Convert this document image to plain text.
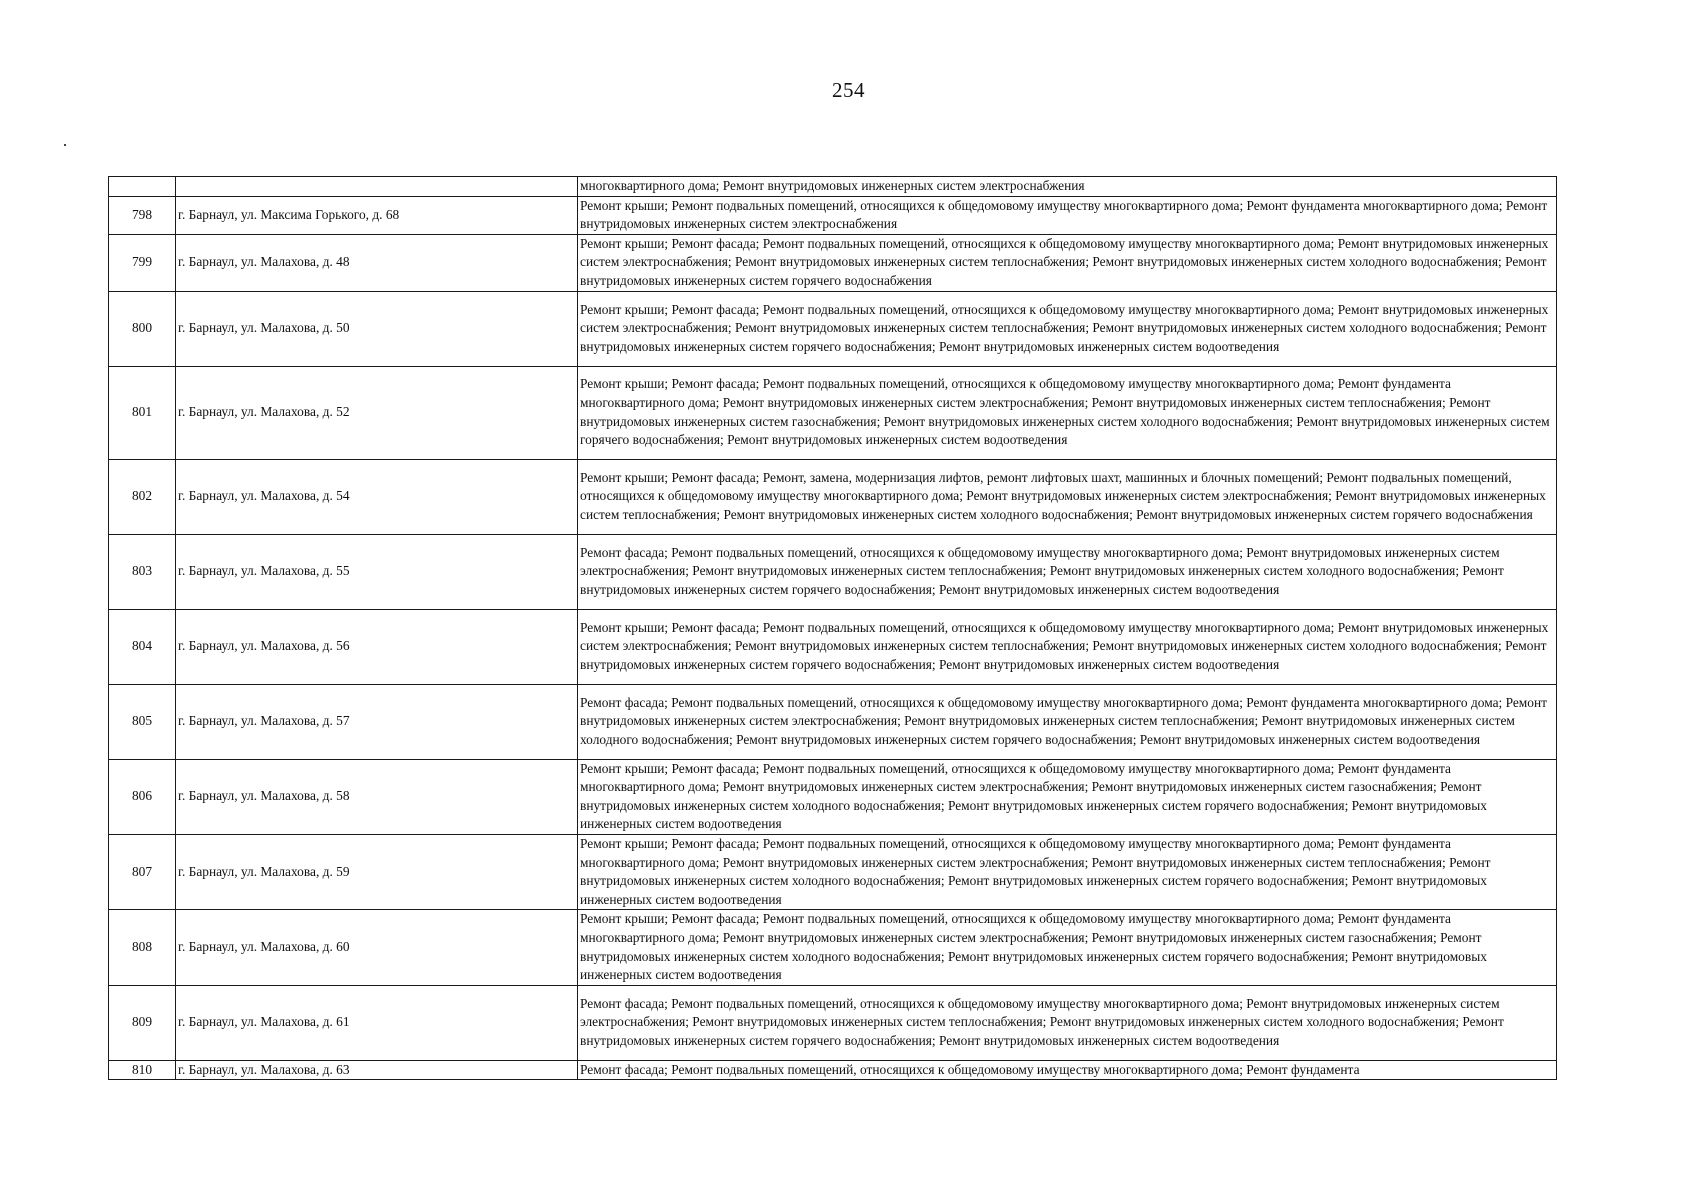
254
		многоквартирного дома; Ремонт внутридомовых инженерных систем электроснабжения
798	г. Барнаул, ул. Максима Горького, д. 68	Ремонт крыши; Ремонт подвальных помещений, относящихся к общедомовому имуществу многоквартирного дома; Ремонт фундамента многоквартирного дома; Ремонт внутридомовых инженерных систем электроснабжения
799	г. Барнаул, ул. Малахова, д. 48	Ремонт крыши; Ремонт фасада; Ремонт подвальных помещений, относящихся к общедомовому имуществу многоквартирного дома; Ремонт внутридомовых инженерных систем электроснабжения; Ремонт внутридомовых инженерных систем теплоснабжения; Ремонт внутридомовых инженерных систем холодного водоснабжения; Ремонт внутридомовых инженерных систем горячего водоснабжения
800	г. Барнаул, ул. Малахова, д. 50	Ремонт крыши; Ремонт фасада; Ремонт подвальных помещений, относящихся к общедомовому имуществу многоквартирного дома; Ремонт внутридомовых инженерных систем электроснабжения; Ремонт внутридомовых инженерных систем теплоснабжения; Ремонт внутридомовых инженерных систем холодного водоснабжения; Ремонт внутридомовых инженерных систем горячего водоснабжения; Ремонт внутридомовых инженерных систем водоотведения
801	г. Барнаул, ул. Малахова, д. 52	Ремонт крыши; Ремонт фасада; Ремонт подвальных помещений, относящихся к общедомовому имуществу многоквартирного дома; Ремонт фундамента многоквартирного дома; Ремонт внутридомовых инженерных систем электроснабжения; Ремонт внутридомовых инженерных систем теплоснабжения; Ремонт внутридомовых инженерных систем газоснабжения; Ремонт внутридомовых инженерных систем холодного водоснабжения; Ремонт внутридомовых инженерных систем горячего водоснабжения; Ремонт внутридомовых инженерных систем водоотведения
802	г. Барнаул, ул. Малахова, д. 54	Ремонт крыши; Ремонт фасада; Ремонт, замена, модернизация лифтов, ремонт лифтовых шахт, машинных и блочных помещений; Ремонт подвальных помещений, относящихся к общедомовому имуществу многоквартирного дома; Ремонт внутридомовых инженерных систем электроснабжения; Ремонт внутридомовых инженерных систем теплоснабжения; Ремонт внутридомовых инженерных систем холодного водоснабжения; Ремонт внутридомовых инженерных систем горячего водоснабжения
803	г. Барнаул, ул. Малахова, д. 55	Ремонт фасада; Ремонт подвальных помещений, относящихся к общедомовому имуществу многоквартирного дома; Ремонт внутридомовых инженерных систем электроснабжения; Ремонт внутридомовых инженерных систем теплоснабжения; Ремонт внутридомовых инженерных систем холодного водоснабжения; Ремонт внутридомовых инженерных систем горячего водоснабжения; Ремонт внутридомовых инженерных систем водоотведения
804	г. Барнаул, ул. Малахова, д. 56	Ремонт крыши; Ремонт фасада; Ремонт подвальных помещений, относящихся к общедомовому имуществу многоквартирного дома; Ремонт внутридомовых инженерных систем электроснабжения; Ремонт внутридомовых инженерных систем теплоснабжения; Ремонт внутридомовых инженерных систем холодного водоснабжения; Ремонт внутридомовых инженерных систем горячего водоснабжения; Ремонт внутридомовых инженерных систем водоотведения
805	г. Барнаул, ул. Малахова, д. 57	Ремонт фасада; Ремонт подвальных помещений, относящихся к общедомовому имуществу многоквартирного дома; Ремонт фундамента многоквартирного дома; Ремонт внутридомовых инженерных систем электроснабжения; Ремонт внутридомовых инженерных систем теплоснабжения; Ремонт внутридомовых инженерных систем холодного водоснабжения; Ремонт внутридомовых инженерных систем горячего водоснабжения; Ремонт внутридомовых инженерных систем водоотведения
806	г. Барнаул, ул. Малахова, д. 58	Ремонт крыши; Ремонт фасада; Ремонт подвальных помещений, относящихся к общедомовому имуществу многоквартирного дома; Ремонт фундамента многоквартирного дома; Ремонт внутридомовых инженерных систем электроснабжения; Ремонт внутридомовых инженерных систем газоснабжения; Ремонт внутридомовых инженерных систем холодного водоснабжения; Ремонт внутридомовых инженерных систем горячего водоснабжения; Ремонт внутридомовых инженерных систем водоотведения
807	г. Барнаул, ул. Малахова, д. 59	Ремонт крыши; Ремонт фасада; Ремонт подвальных помещений, относящихся к общедомовому имуществу многоквартирного дома; Ремонт фундамента многоквартирного дома; Ремонт внутридомовых инженерных систем электроснабжения; Ремонт внутридомовых инженерных систем теплоснабжения; Ремонт внутридомовых инженерных систем холодного водоснабжения; Ремонт внутридомовых инженерных систем горячего водоснабжения; Ремонт внутридомовых инженерных систем водоотведения
808	г. Барнаул, ул. Малахова, д. 60	Ремонт крыши; Ремонт фасада; Ремонт подвальных помещений, относящихся к общедомовому имуществу многоквартирного дома; Ремонт фундамента многоквартирного дома; Ремонт внутридомовых инженерных систем электроснабжения; Ремонт внутридомовых инженерных систем газоснабжения; Ремонт внутридомовых инженерных систем холодного водоснабжения; Ремонт внутридомовых инженерных систем горячего водоснабжения; Ремонт внутридомовых инженерных систем водоотведения
809	г. Барнаул, ул. Малахова, д. 61	Ремонт фасада; Ремонт подвальных помещений, относящихся к общедомовому имуществу многоквартирного дома; Ремонт внутридомовых инженерных систем электроснабжения; Ремонт внутридомовых инженерных систем теплоснабжения; Ремонт внутридомовых инженерных систем холодного водоснабжения; Ремонт внутридомовых инженерных систем горячего водоснабжения; Ремонт внутридомовых инженерных систем водоотведения
810	г. Барнаул, ул. Малахова, д. 63	Ремонт фасада; Ремонт подвальных помещений, относящихся к общедомовому имуществу многоквартирного дома; Ремонт фундамента
